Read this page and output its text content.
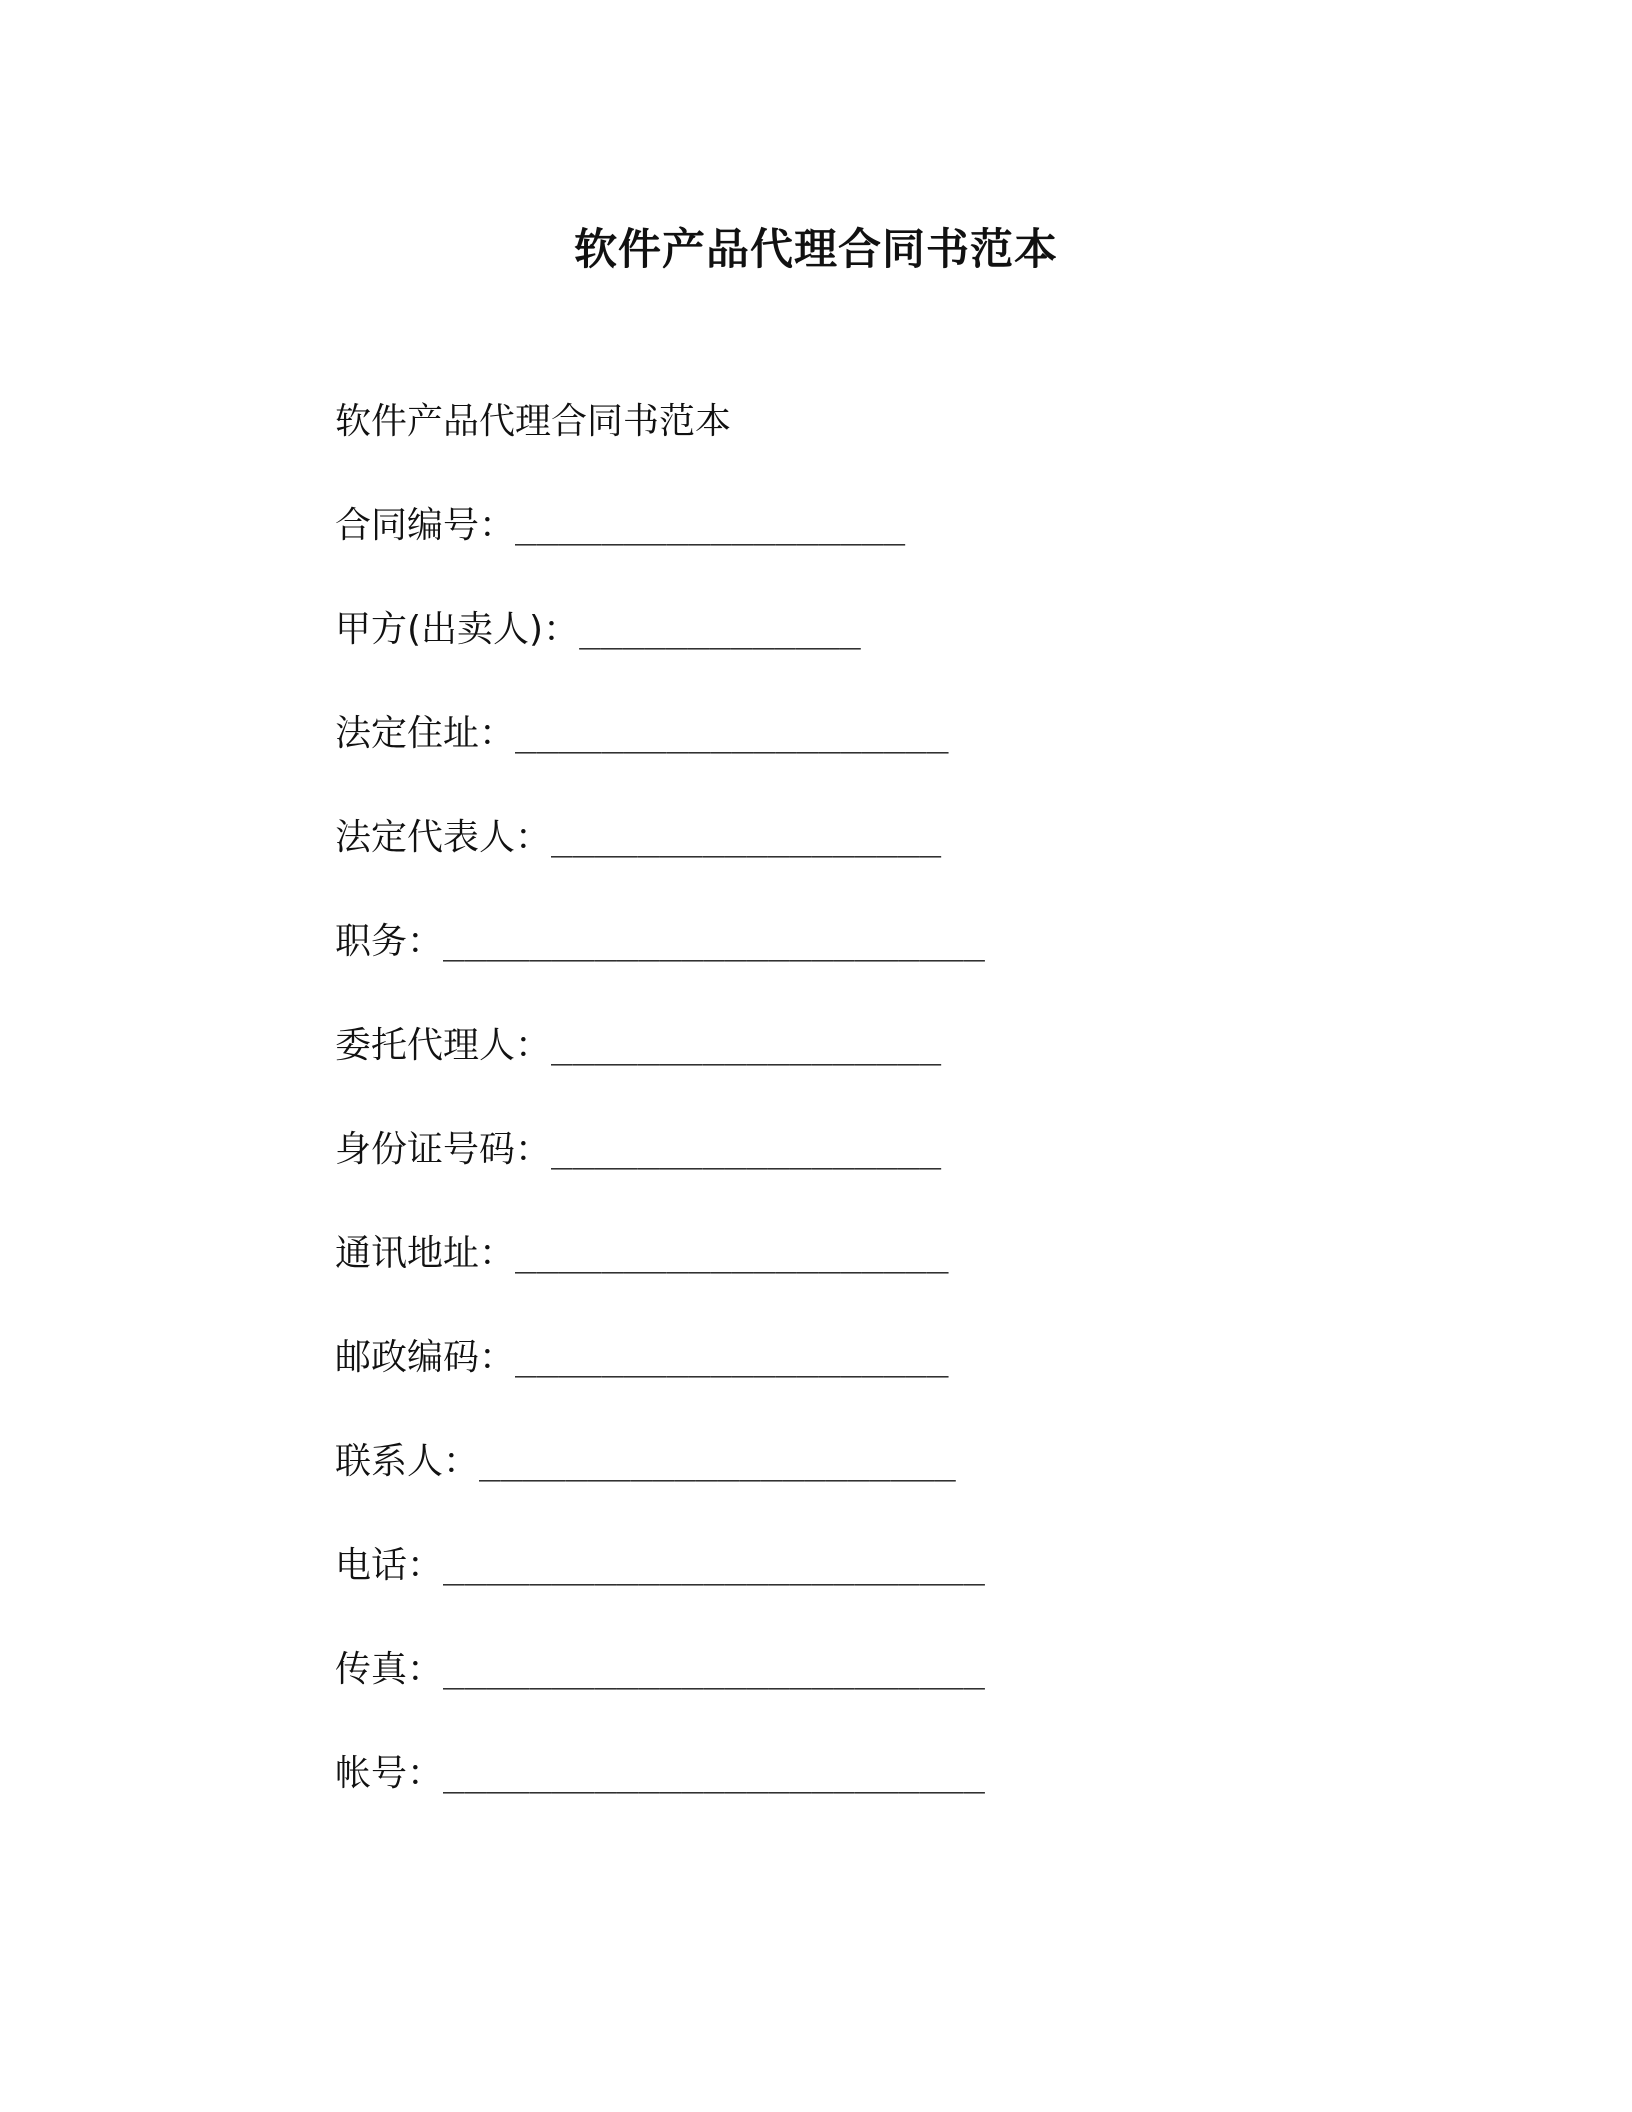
软件产品代理合同书范本

软件产品代理合同书范本

合同编号：__________________
甲方(出卖人)：_____________
法定住址：____________________
法定代表人：__________________
职务：_________________________
委托代理人：__________________
身份证号码：__________________
通讯地址：____________________
邮政编码：____________________
联系人：______________________
电话：_________________________
传真：_________________________
帐号：_________________________
